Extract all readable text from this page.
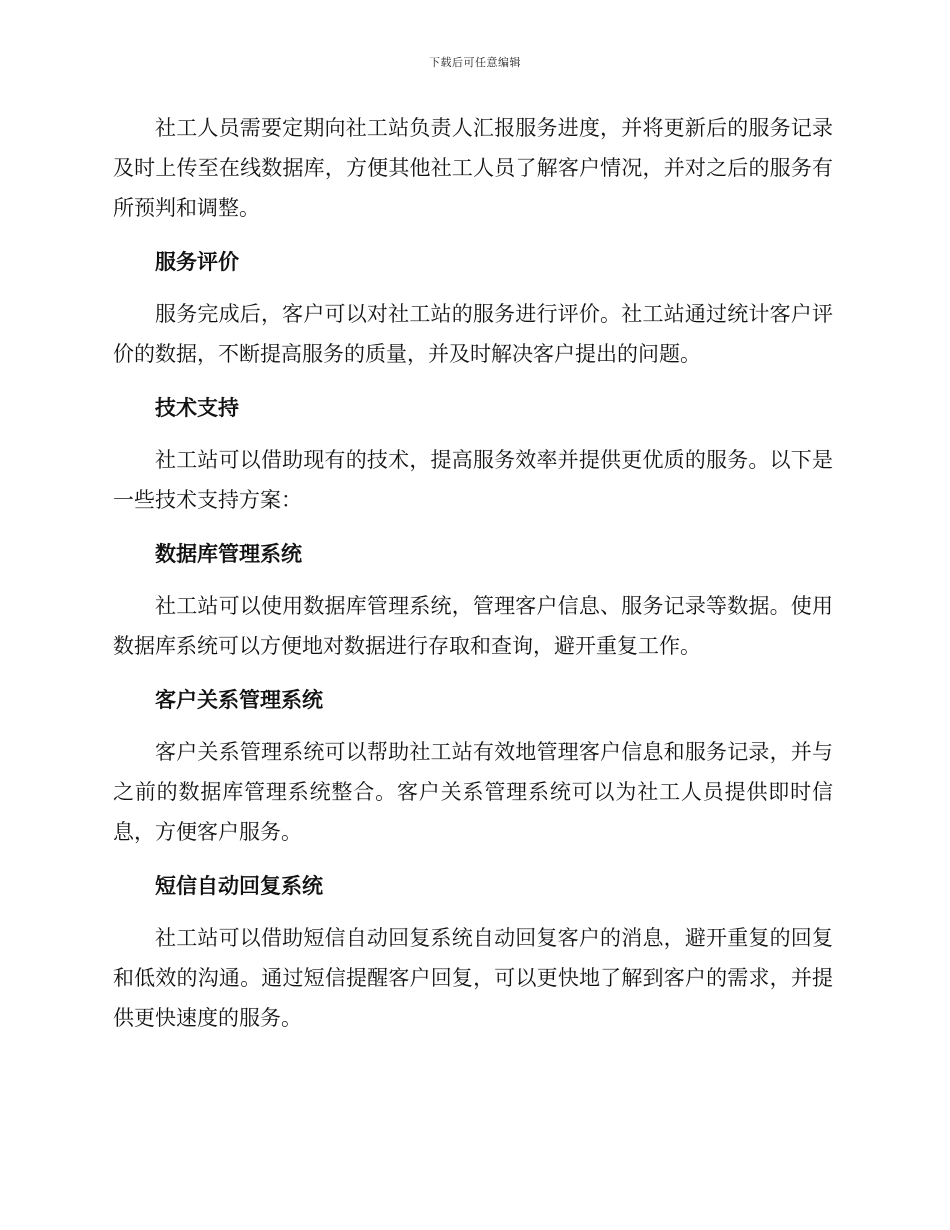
下载后可任意编辑

社工人员需要定期向社工站负责人汇报服务进度，并将更新后的服务记录及时上传至在线数据库，方便其他社工人员了解客户情况，并对之后的服务有所预判和调整。

服务评价

服务完成后，客户可以对社工站的服务进行评价。社工站通过统计客户评价的数据，不断提高服务的质量，并及时解决客户提出的问题。

技术支持

社工站可以借助现有的技术，提高服务效率并提供更优质的服务。以下是一些技术支持方案：

数据库管理系统

社工站可以使用数据库管理系统，管理客户信息、服务记录等数据。使用数据库系统可以方便地对数据进行存取和查询，避开重复工作。

客户关系管理系统

客户关系管理系统可以帮助社工站有效地管理客户信息和服务记录，并与之前的数据库管理系统整合。客户关系管理系统可以为社工人员提供即时信息，方便客户服务。

短信自动回复系统

社工站可以借助短信自动回复系统自动回复客户的消息，避开重复的回复和低效的沟通。通过短信提醒客户回复，可以更快地了解到客户的需求，并提供更快速度的服务。
